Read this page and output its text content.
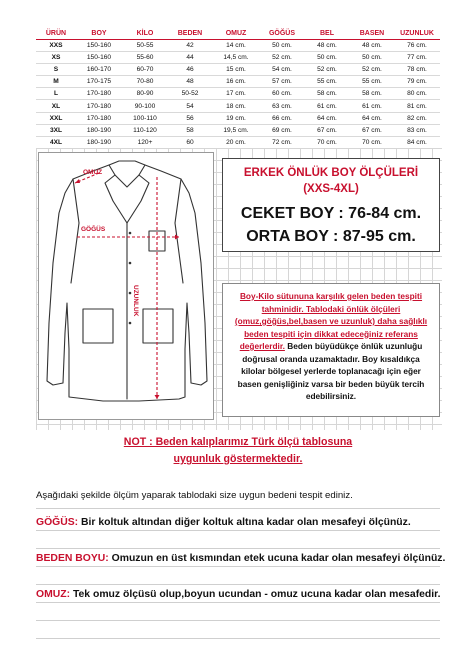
ÜRÜN	BOY	KİLO	BEDEN	OMUZ	GÖĞÜS	BEL	BASEN	UZUNLUK
XXS	150-160	50-55	42	14 cm.	50 cm.	48 cm.	48 cm.	76 cm.
XS	150-160	55-60	44	14,5 cm.	52 cm.	50 cm.	50 cm.	77 cm.
S	160-170	60-70	46	15 cm.	54 cm.	52 cm.	52 cm.	78 cm.
M	170-175	70-80	48	16 cm.	57 cm.	55 cm.	55 cm.	79 cm.
L	170-180	80-90	50-52	17 cm.	60 cm.	58 cm.	58 cm.	80 cm.
XL	170-180	90-100	54	18 cm.	63 cm.	61 cm.	61 cm.	81 cm.
XXL	170-180	100-110	56	19 cm.	66 cm.	64 cm.	64 cm.	82 cm.
3XL	180-190	110-120	58	19,5 cm.	69 cm.	67 cm.	67 cm.	83 cm.
4XL	180-190	120+	60	20 cm.	72 cm.	70 cm.	70 cm.	84 cm.
OMUZ
GÖĞÜS
UZUNLUK
ERKEK ÖNLÜK BOY ÖLÇÜLERİ
(XXS-4XL)
CEKET BOY : 76-84 cm.
ORTA BOY : 87-95 cm.
Boy-Kilo sütununa karşılık gelen beden tespiti tahminidir. Tablodaki önlük ölçüleri (omuz,göğüs,bel,basen ve uzunluk) daha sağlıklı beden tespiti için dikkat edeceğiniz referans değerlerdir. Beden büyüdükçe önlük uzunluğu doğrusal oranda uzamaktadır. Boy kısaldıkça kilolar bölgesel yerlerde toplanacağı için eğer basen genişliğiniz varsa bir beden büyük tercih edebilirsiniz.
NOT : Beden kalıplarımız Türk ölçü tablosuna uygunluk göstermektedir.
Aşağıdaki şekilde ölçüm yaparak tablodaki size uygun bedeni tespit ediniz.
GÖĞÜS: Bir koltuk altından diğer koltuk altına kadar olan mesafeyi ölçünüz.
BEDEN BOYU: Omuzun en üst kısmından etek ucuna kadar olan mesafeyi ölçünüz.
OMUZ: Tek omuz ölçüsü olup,boyun ucundan - omuz ucuna kadar olan mesafedir.
